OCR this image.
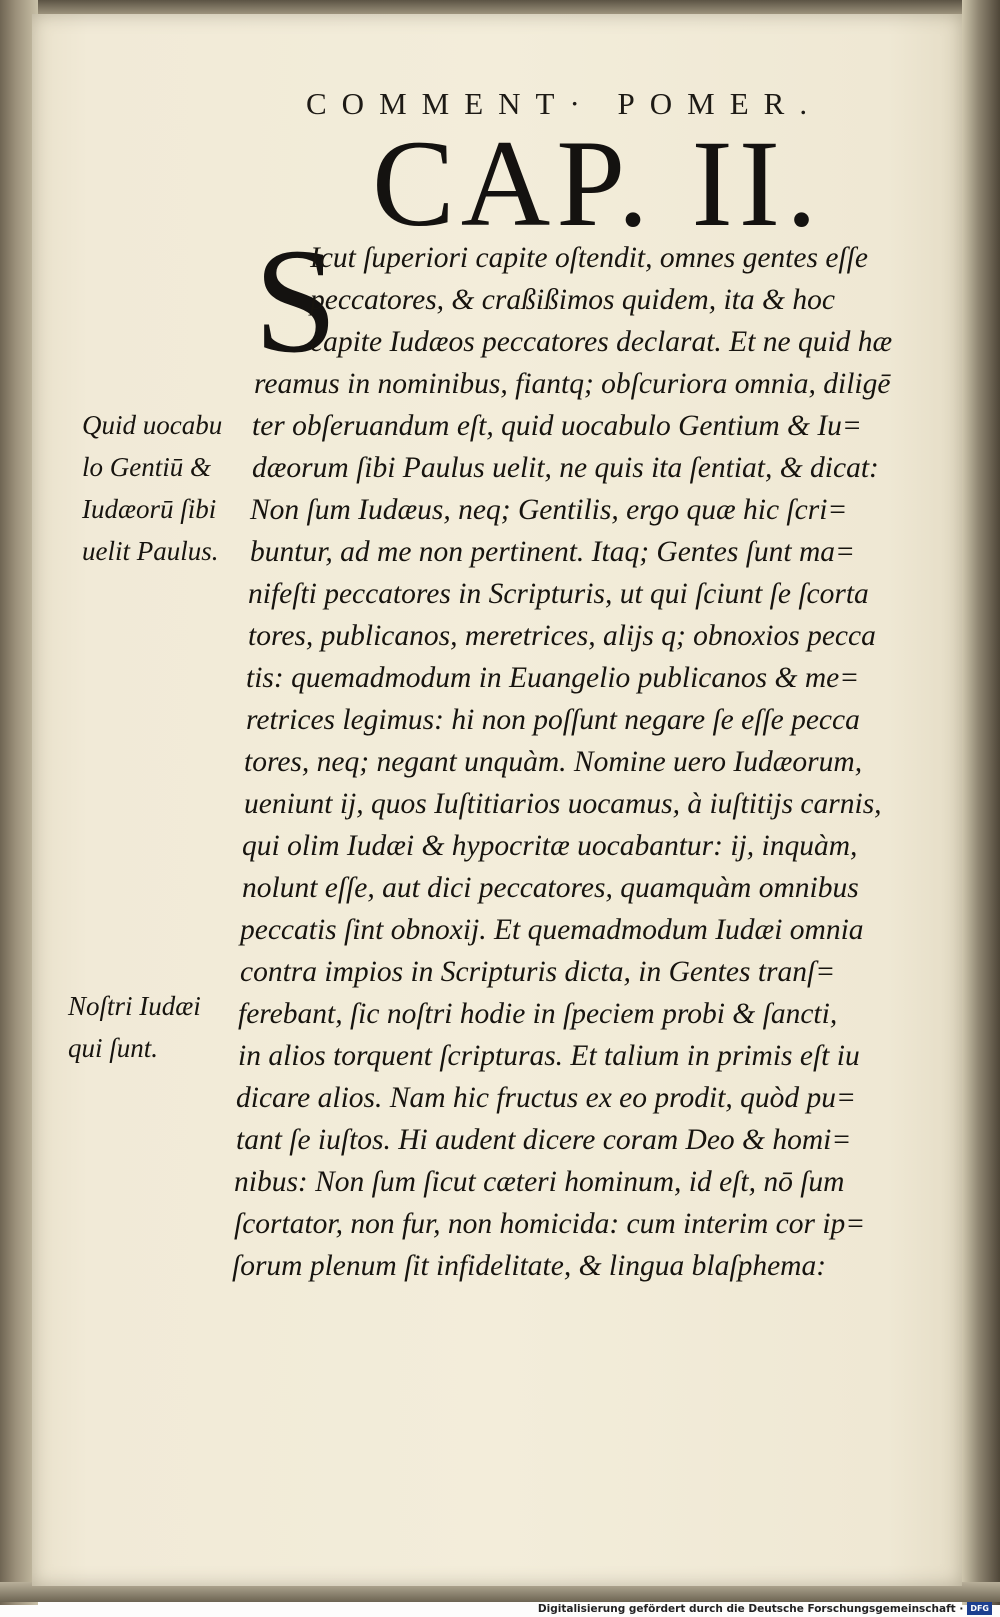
COMMENT· POMER.
CAP. II.
S
Icut ſuperiori capite oſtendit, omnes gentes eſſe
peccatores, & craßißimos quidem, ita & hoc
capite Iudæos peccatores declarat. Et ne quid hæ
reamus in nominibus, fiantq; obſcuriora omnia, diligē
ter obſeruandum eſt, quid uocabulo Gentium & Iu=
dæorum ſibi Paulus uelit, ne quis ita ſentiat, & dicat:
Non ſum Iudæus, neq; Gentilis, ergo quæ hic ſcri=
buntur, ad me non pertinent. Itaq; Gentes ſunt ma=
nifeſti peccatores in Scripturis, ut qui ſciunt ſe ſcorta
tores, publicanos, meretrices, alijs q; obnoxios pecca
tis: quemadmodum in Euangelio publicanos & me=
retrices legimus: hi non poſſunt negare ſe eſſe pecca
tores, neq; negant unquàm. Nomine uero Iudæorum,
ueniunt ij, quos Iuſtitiarios uocamus, à iuſtitijs carnis,
qui olim Iudæi & hypocritæ uocabantur: ij, inquàm,
nolunt eſſe, aut dici peccatores, quamquàm omnibus
peccatis ſint obnoxij. Et quemadmodum Iudæi omnia
contra impios in Scripturis dicta, in Gentes tranſ=
ferebant, ſic noſtri hodie in ſpeciem probi & ſancti,
in alios torquent ſcripturas. Et talium in primis eſt iu
dicare alios. Nam hic fructus ex eo prodit, quòd pu=
tant ſe iuſtos. Hi audent dicere coram Deo & homi=
nibus: Non ſum ſicut cæteri hominum, id eſt, nō ſum
ſcortator, non fur, non homicida: cum interim cor ip=
ſorum plenum ſit infidelitate, & lingua blaſphema:
Quid uocabu
lo Gentiū &
Iudæorū ſibi
uelit Paulus.
Noſtri Iudæi
qui ſunt.
Digitalisierung gefördert durch die Deutsche Forschungsgemeinschaft · DFG
